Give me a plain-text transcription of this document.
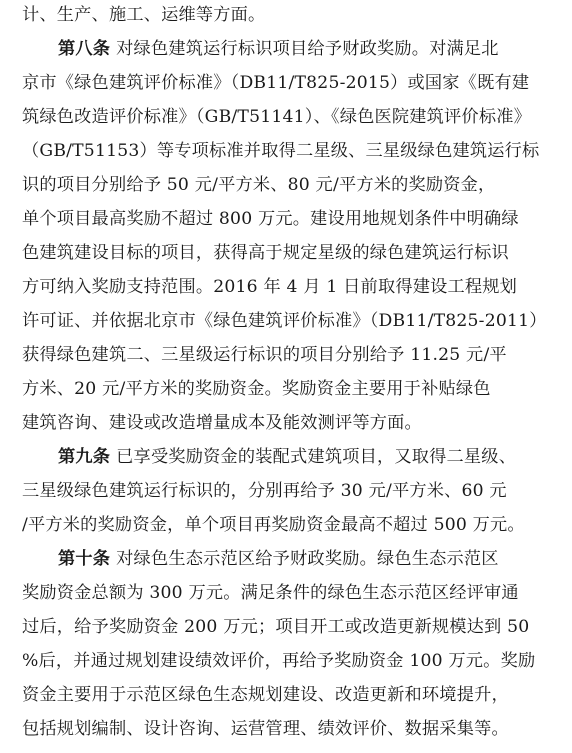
计、生产、施工、运维等方面。
第八条 对绿色建筑运行标识项目给予财政奖励。对满足北
京市《绿色建筑评价标准》（DB11/T825-2015）或国家《既有建
筑绿色改造评价标准》（GB/T51141）、《绿色医院建筑评价标准》
（GB/T51153）等专项标准并取得二星级、三星级绿色建筑运行标
识的项目分别给予 50 元/平方米、80 元/平方米的奖励资金，
单个项目最高奖励不超过 800 万元。建设用地规划条件中明确绿
色建筑建设目标的项目，获得高于规定星级的绿色建筑运行标识
方可纳入奖励支持范围。2016 年 4 月 1 日前取得建设工程规划
许可证、并依据北京市《绿色建筑评价标准》（DB11/T825-2011）
获得绿色建筑二、三星级运行标识的项目分别给予 11.25 元/平
方米、20 元/平方米的奖励资金。奖励资金主要用于补贴绿色
建筑咨询、建设或改造增量成本及能效测评等方面。
第九条 已享受奖励资金的装配式建筑项目，又取得二星级、
三星级绿色建筑运行标识的，分别再给予 30 元/平方米、60 元
/平方米的奖励资金，单个项目再奖励资金最高不超过 500 万元。
第十条 对绿色生态示范区给予财政奖励。绿色生态示范区
奖励资金总额为 300 万元。满足条件的绿色生态示范区经评审通
过后，给予奖励资金 200 万元；项目开工或改造更新规模达到 50
%后，并通过规划建设绩效评价，再给予奖励资金 100 万元。奖励
资金主要用于示范区绿色生态规划建设、改造更新和环境提升，
包括规划编制、设计咨询、运营管理、绩效评价、数据采集等。
